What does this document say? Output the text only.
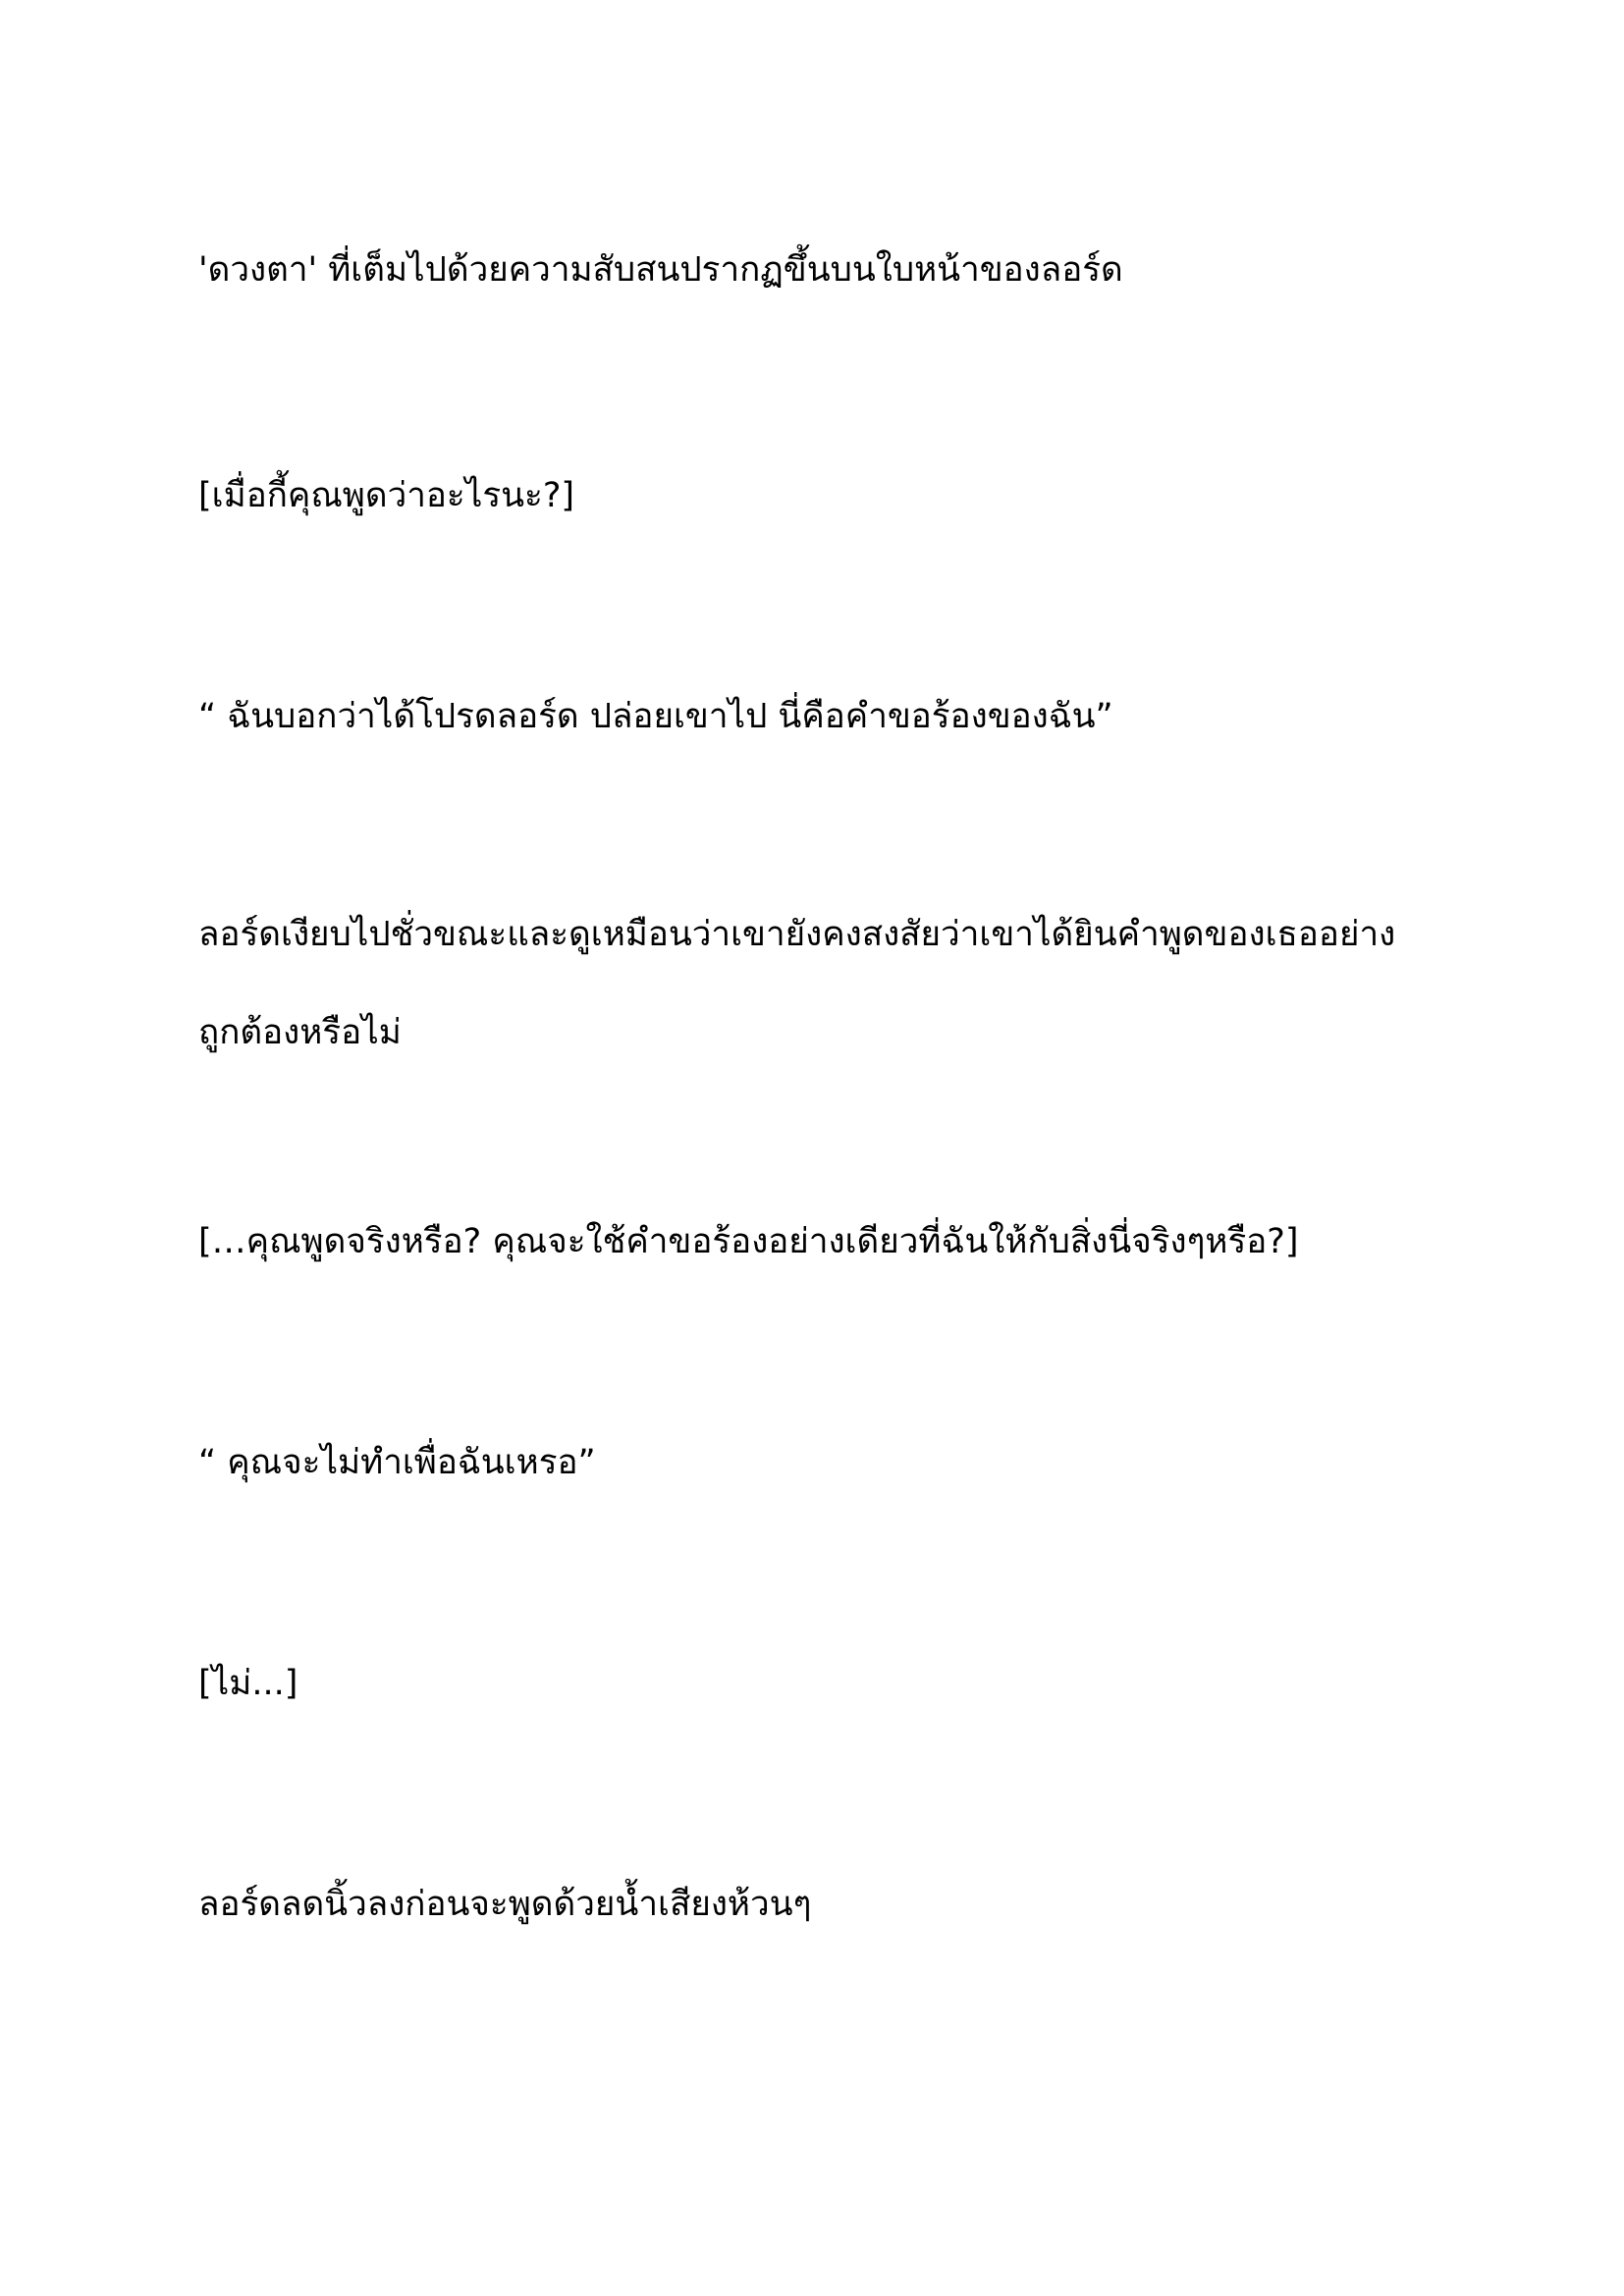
'ดวงตา' ที่เต็มไปด้วยความสับสนปรากฏขึ้นบนใบหน้าของลอร์ด

[เมื่อกี้คุณพูดว่าอะไรนะ?]

“ ฉันบอกว่าได้โปรดลอร์ด ปล่อยเขาไป นี่คือคำขอร้องของฉัน”

ลอร์ดเงียบไปชั่วขณะและดูเหมือนว่าเขายังคงสงสัยว่าเขาได้ยินคำพูดของเธออย่างถูกต้องหรือไม่

[…คุณพูดจริงหรือ? คุณจะใช้คำขอร้องอย่างเดียวที่ฉันให้กับสิ่งนี่จริงๆหรือ?]

“ คุณจะไม่ทำเพื่อฉันเหรอ”

[ไม่...]

ลอร์ดลดนิ้วลงก่อนจะพูดด้วยน้ำเสียงห้วนๆ
